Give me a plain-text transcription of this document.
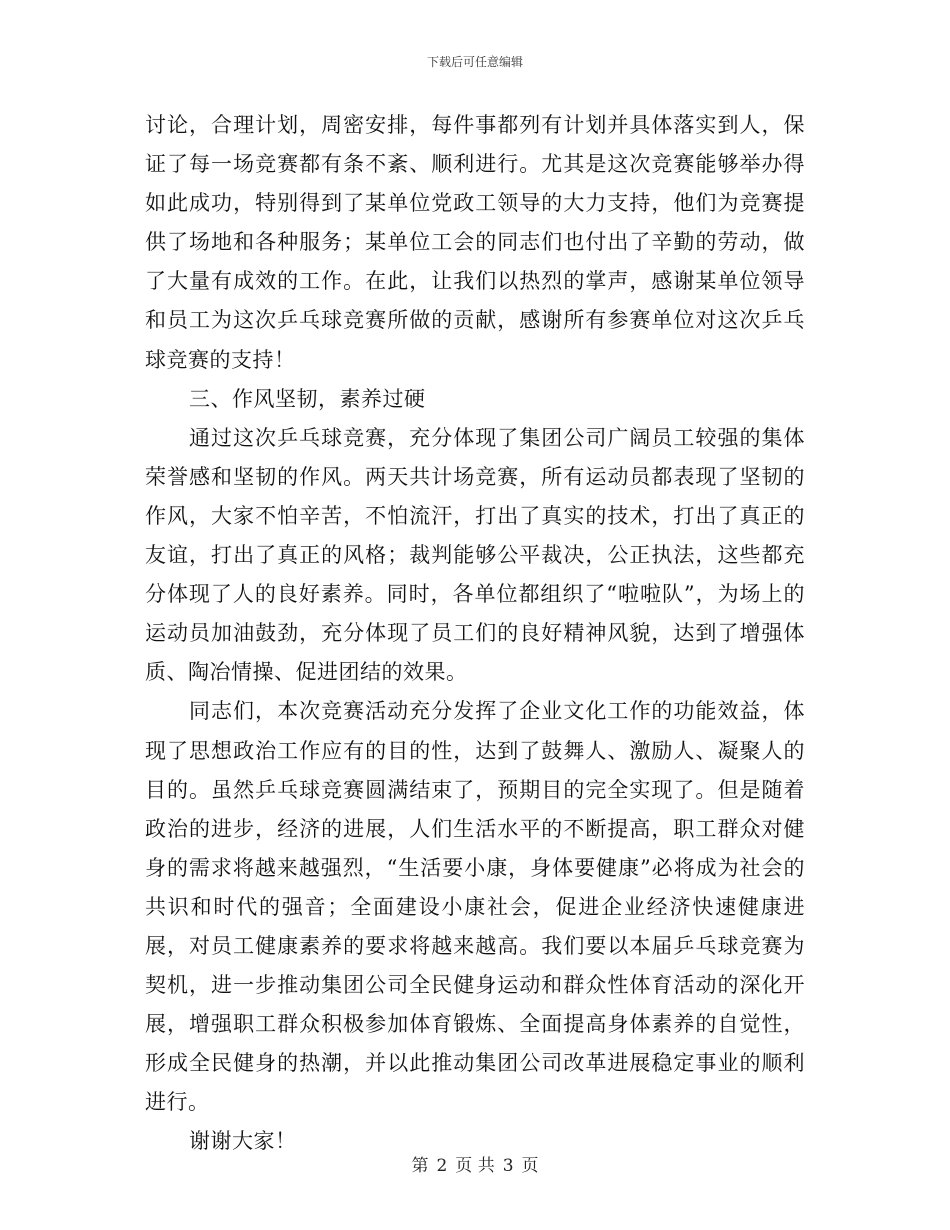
下载后可任意编辑

讨论，合理计划，周密安排，每件事都列有计划并具体落实到人，保证了每一场竞赛都有条不紊、顺利进行。尤其是这次竞赛能够举办得如此成功，特别得到了某单位党政工领导的大力支持，他们为竞赛提供了场地和各种服务；某单位工会的同志们也付出了辛勤的劳动，做了大量有成效的工作。在此，让我们以热烈的掌声，感谢某单位领导和员工为这次乒乓球竞赛所做的贡献，感谢所有参赛单位对这次乒乓球竞赛的支持！

三、作风坚韧，素养过硬

通过这次乒乓球竞赛，充分体现了集团公司广阔员工较强的集体荣誉感和坚韧的作风。两天共计场竞赛，所有运动员都表现了坚韧的作风，大家不怕辛苦，不怕流汗，打出了真实的技术，打出了真正的友谊，打出了真正的风格；裁判能够公平裁决，公正执法，这些都充分体现了人的良好素养。同时，各单位都组织了“啦啦队”，为场上的运动员加油鼓劲，充分体现了员工们的良好精神风貌，达到了增强体质、陶冶情操、促进团结的效果。

同志们，本次竞赛活动充分发挥了企业文化工作的功能效益，体现了思想政治工作应有的目的性，达到了鼓舞人、激励人、凝聚人的目的。虽然乒乓球竞赛圆满结束了，预期目的完全实现了。但是随着政治的进步，经济的进展，人们生活水平的不断提高，职工群众对健身的需求将越来越强烈，“生活要小康，身体要健康”必将成为社会的共识和时代的强音；全面建设小康社会，促进企业经济快速健康进展，对员工健康素养的要求将越来越高。我们要以本届乒乓球竞赛为契机，进一步推动集团公司全民健身运动和群众性体育活动的深化开展，增强职工群众积极参加体育锻炼、全面提高身体素养的自觉性，形成全民健身的热潮，并以此推动集团公司改革进展稳定事业的顺利进行。

谢谢大家！

第 2 页 共 3 页
